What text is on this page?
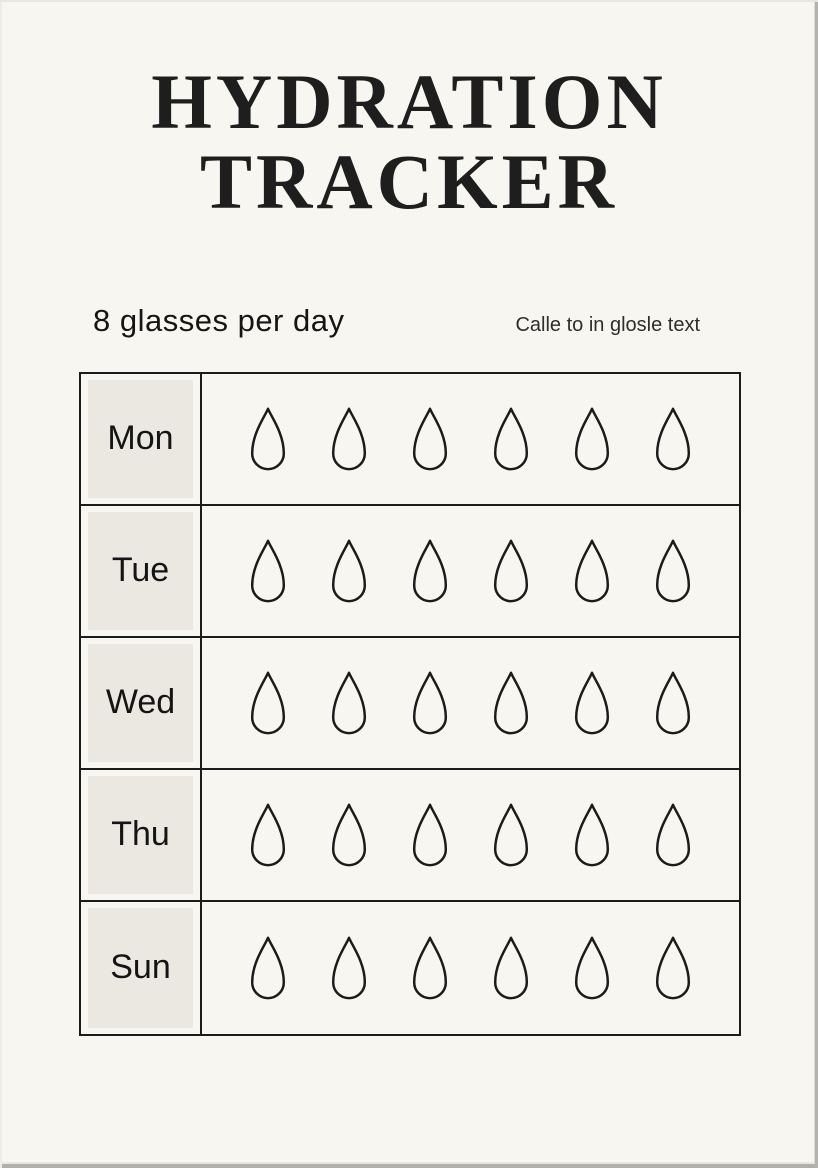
HYDRATION TRACKER
8 glasses per day	Calle to in glosle text
Mon
Tue
Wed
Thu
Sun
